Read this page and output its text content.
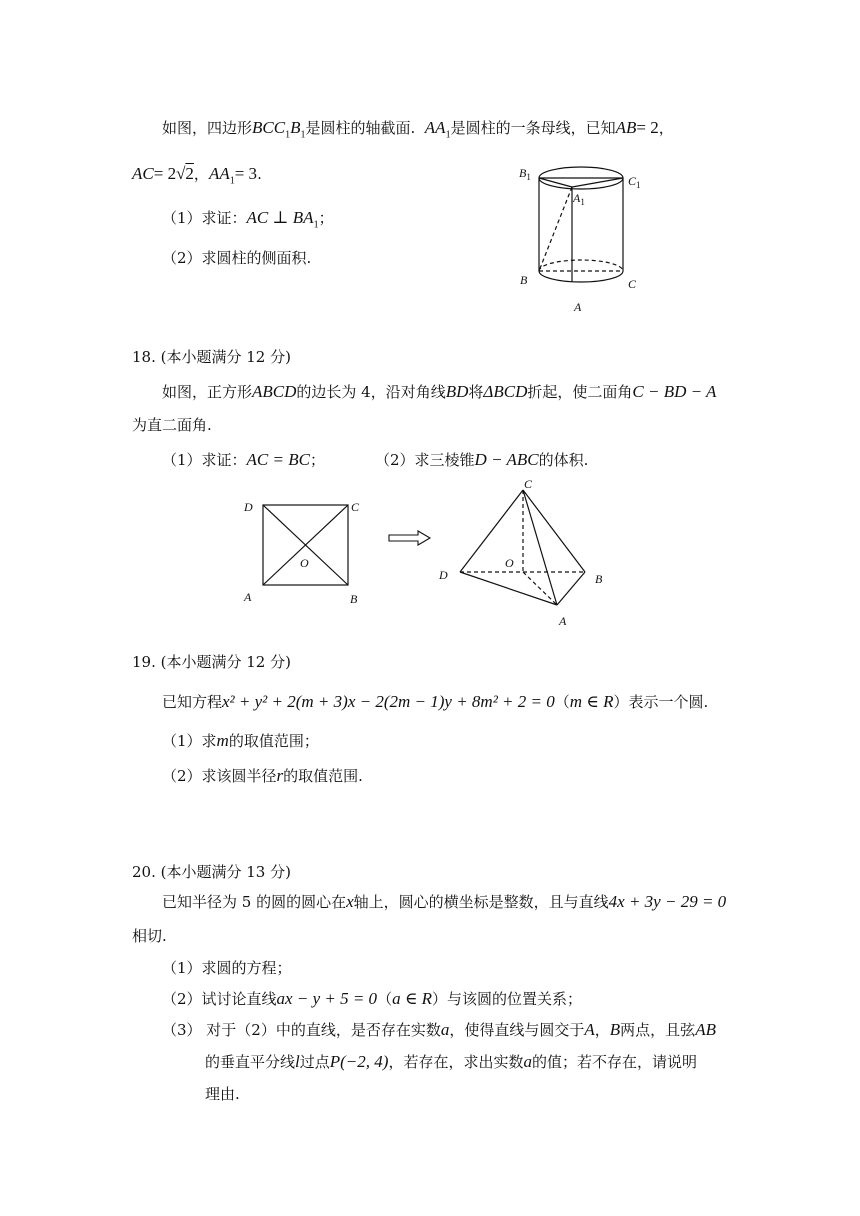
如图，四边形$BCC_1B_1$是圆柱的轴截面. $AA_1$是圆柱的一条母线，已知AB= 2，
AC= 2√2，$AA_1= 3$.
（1）求证：AC ⊥ $BA_1$；
（2）求圆柱的侧面积.
$B_1$	$C_1$
$A_1$
B	C
A
18. (本小题满分 12 分)
如图，正方形ABCD的边长为 4，沿对角线BD将ΔBCD折起，使二面角C − BD − A
为直二面角.
（1）求证：AC = BC；	（2）求三棱锥D − ABC的体积.
D	C
O
A	B
C
O
D	B
A
19. (本小题满分 12 分)
已知方程x² + y² + 2(m + 3)x − 2(2m − 1)y + 8m² + 2 = 0（m ∈ R）表示一个圆.
（1）求m的取值范围；
（2）求该圆半径r的取值范围.
20. (本小题满分 13 分)
已知半径为 5 的圆的圆心在x轴上，圆心的横坐标是整数，且与直线4x + 3y − 29 = 0
相切.
（1）求圆的方程；
（2）试讨论直线ax − y + 5 = 0（a ∈ R）与该圆的位置关系；
（3） 对于（2）中的直线，是否存在实数a，使得直线与圆交于A，B两点，且弦AB
的垂直平分线l过点P(−2, 4)，若存在，求出实数a的值；若不存在，请说明
理由.
